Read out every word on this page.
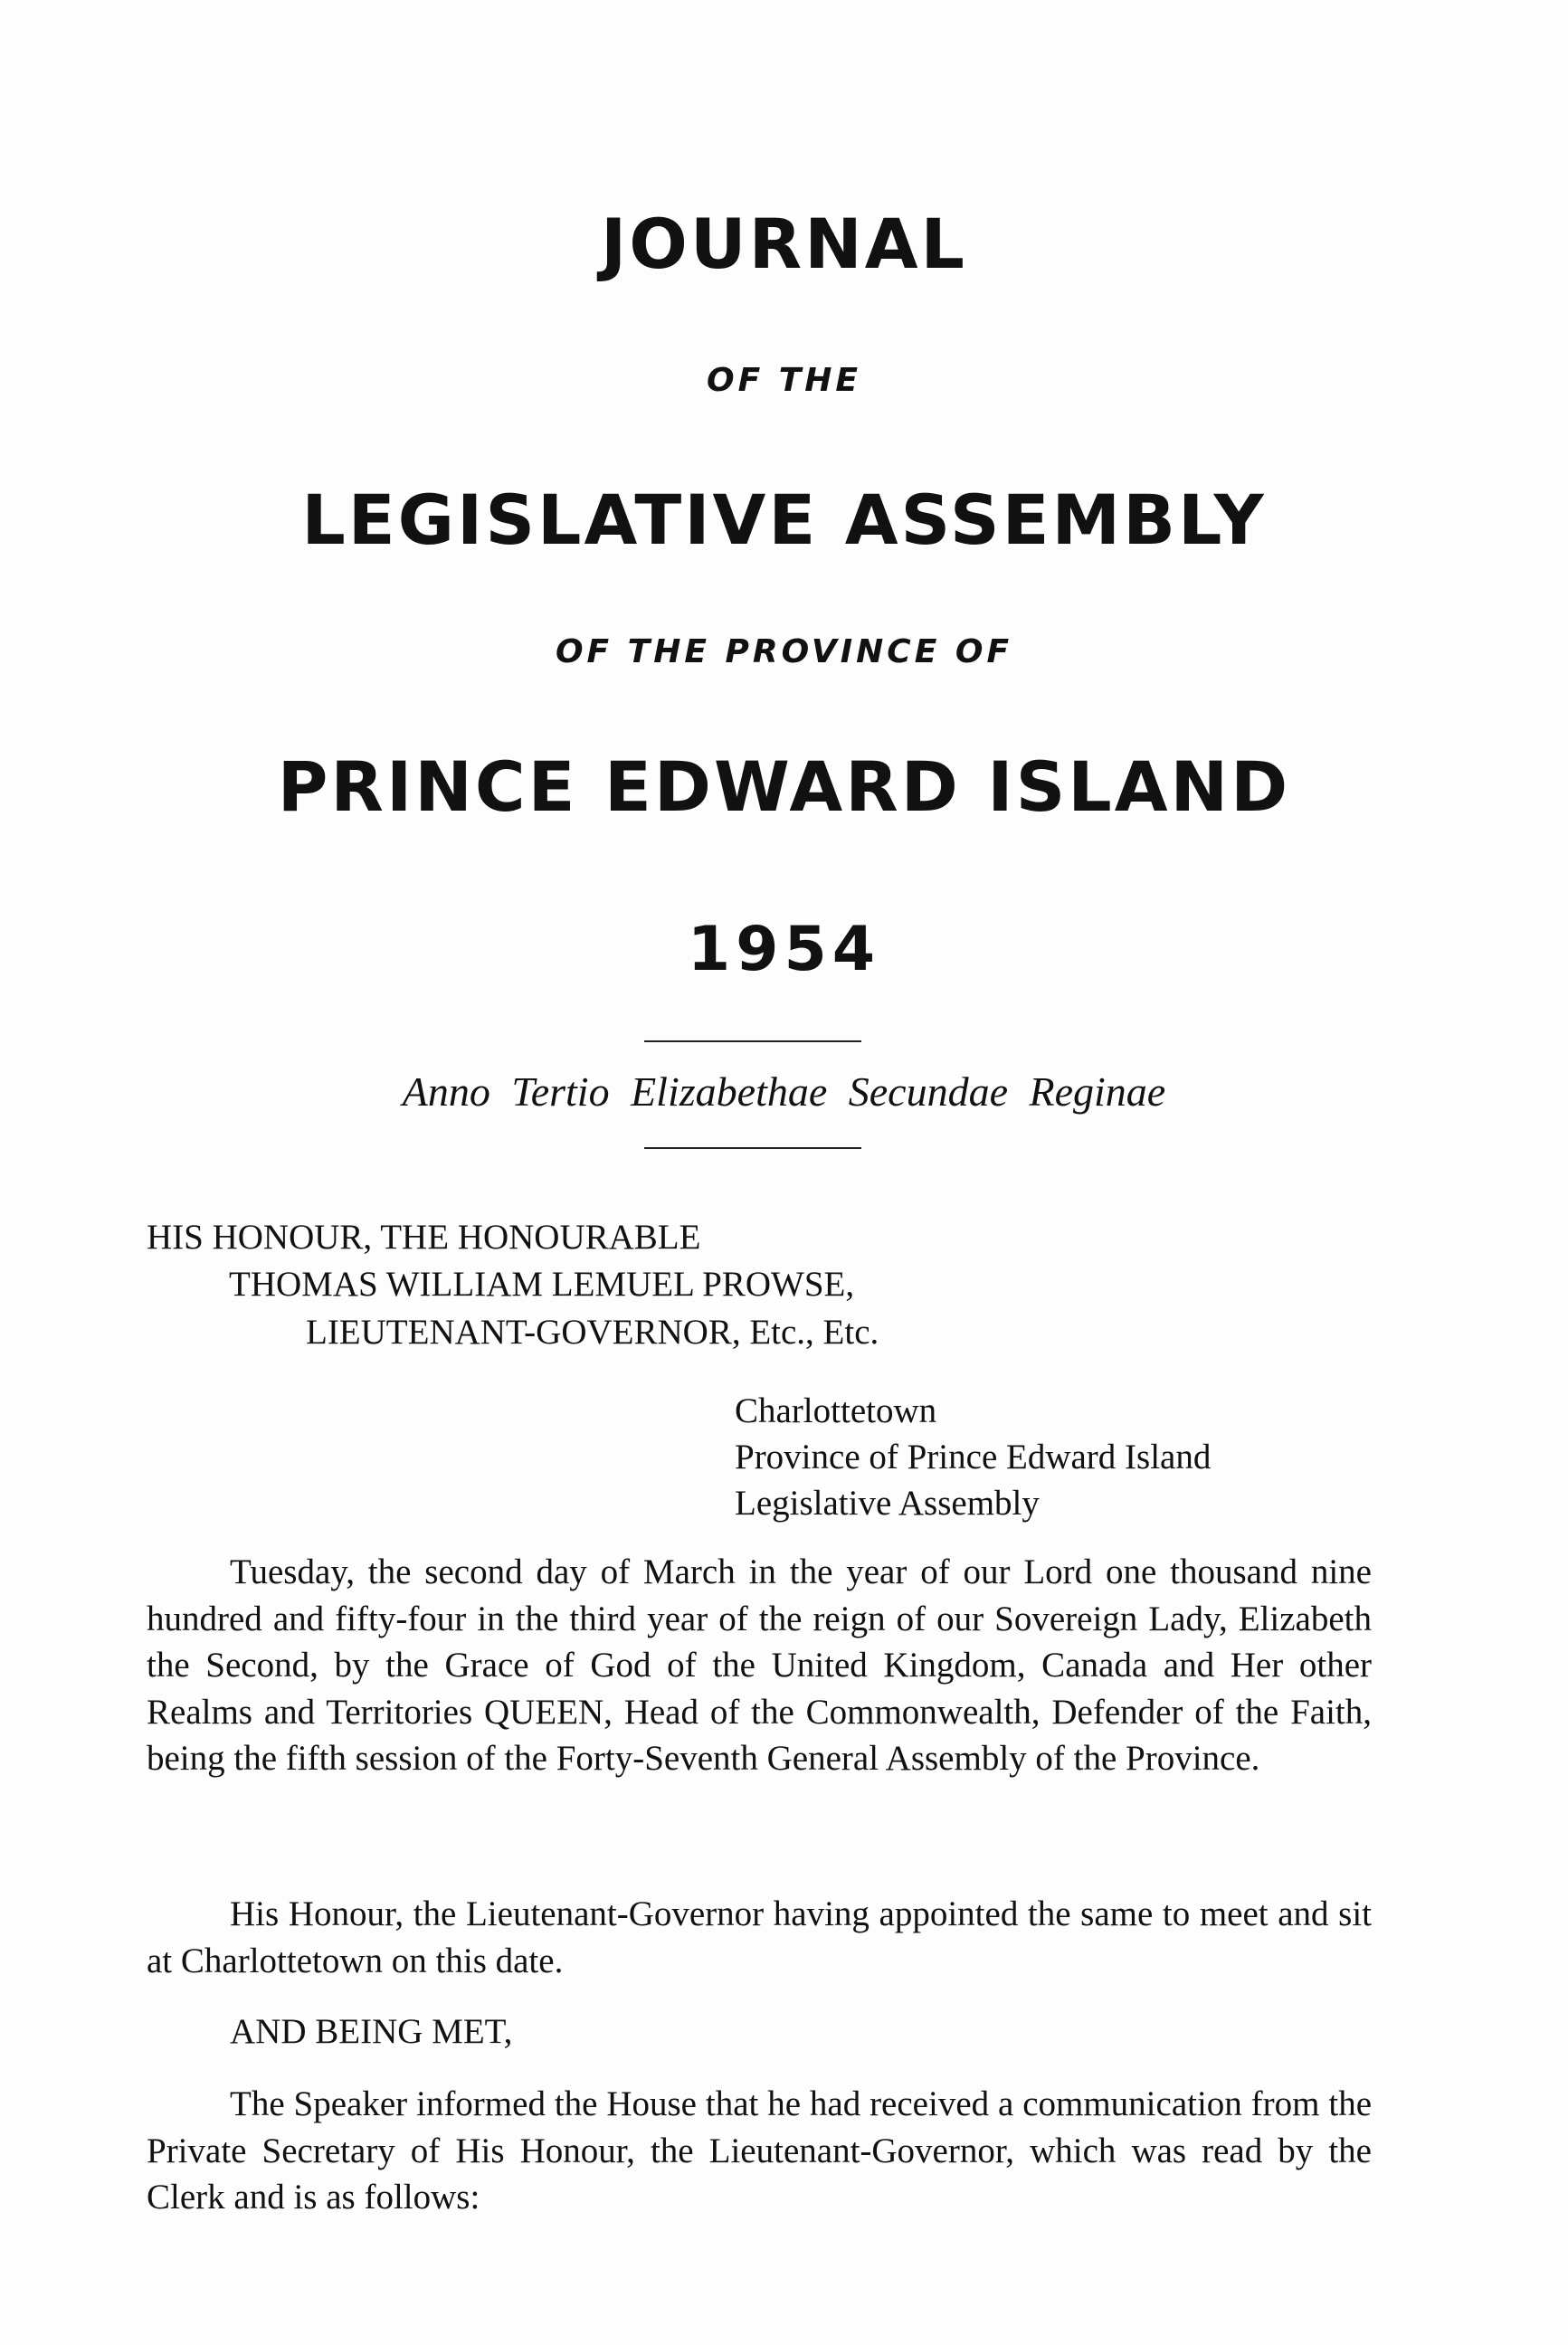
JOURNAL
OF THE
LEGISLATIVE ASSEMBLY
OF THE PROVINCE OF
PRINCE EDWARD ISLAND
1954
Anno Tertio Elizabethae Secundae Reginae
HIS HONOUR, THE HONOURABLE
THOMAS WILLIAM LEMUEL PROWSE,
LIEUTENANT-GOVERNOR, Etc., Etc.
Charlottetown
Province of Prince Edward Island
Legislative Assembly
Tuesday, the second day of March in the year of our Lord one thousand nine hundred and fifty-four in the third year of the reign of our Sovereign Lady, Elizabeth the Second, by the Grace of God of the United Kingdom, Canada and Her other Realms and Territories QUEEN, Head of the Commonwealth, Defender of the Faith, being the fifth session of the Forty-Seventh General Assembly of the Province.
His Honour, the Lieutenant-Governor having appointed the same to meet and sit at Charlottetown on this date.
AND BEING MET,
The Speaker informed the House that he had received a communication from the Private Secretary of His Honour, the Lieutenant-Governor, which was read by the Clerk and is as follows:
